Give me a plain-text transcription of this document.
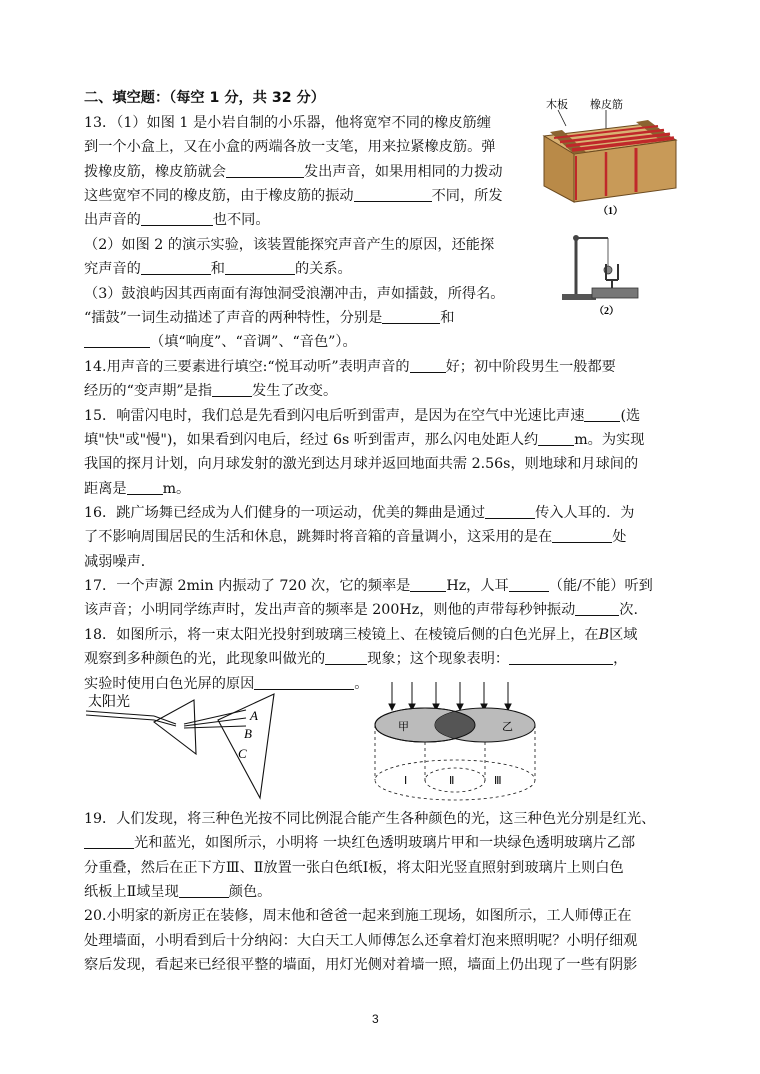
二、填空题：（每空 1 分，共 32 分）
13．（1）如图 1 是小岩自制的小乐器，他将宽窄不同的橡皮筋缠
到一个小盒上，又在小盒的两端各放一支笔，用来拉紧橡皮筋。弹
拨橡皮筋，橡皮筋就会	发出声音，如果用相同的力拨动
这些宽窄不同的橡皮筋，由于橡皮筋的振动	不同，所发
出声音的	也不同。
（2）如图 2 的演示实验，该装置能探究声音产生的原因，还能探
究声音的	和	的关系。
（3）鼓浪屿因其西南面有海蚀洞受浪潮冲击，声如擂鼓，所得名。
“擂鼓”一词生动描述了声音的两种特性，分别是	和
（填“响度”、“音调”、“音色”）。
木板 橡皮筋
（1）
（2）
14.用声音的三要素进行填空:“悦耳动听”表明声音的	好；初中阶段男生一般都要
经历的“变声期”是指	发生了改变。
15．响雷闪电时，我们总是先看到闪电后听到雷声，是因为在空气中光速比声速	(选
填"快"或"慢")，如果看到闪电后，经过 6s 听到雷声，那么闪电处距人约	m。为实现
我国的探月计划，向月球发射的激光到达月球并返回地面共需 2.56s，则地球和月球间的
距离是	m。
16．跳广场舞已经成为人们健身的一项运动，优美的舞曲是通过	传入人耳的．为
了不影响周围居民的生活和休息，跳舞时将音箱的音量调小，这采用的是在	处
减弱噪声．
17．一个声源 2min 内振动了 720 次，它的频率是	Hz，人耳	（能/不能）听到
该声音；小明同学练声时，发出声音的频率是 200Hz，则他的声带每秒钟振动	次.
18．如图所示，将一束太阳光投射到玻璃三棱镜上、在棱镜后侧的白色光屏上，在B区域
观察到多种颜色的光，此现象叫做光的	现象；这个现象表明：	，
实验时使用白色光屏的原因	。
太阳光
A
B
C
甲	乙
Ⅰ	Ⅱ	Ⅲ
19．人们发现，将三种色光按不同比例混合能产生各种颜色的光，这三种色光分别是红光、
光和蓝光，如图所示，小明将 一块红色透明玻璃片甲和一块绿色透明玻璃片乙部
分重叠，然后在正下方Ⅲ、Ⅱ放置一张白色纸Ⅰ板，将太阳光竖直照射到玻璃片上则白色
纸板上Ⅱ域呈现	颜色。
20.小明家的新房正在装修，周末他和爸爸一起来到施工现场，如图所示，工人师傅正在
处理墙面，小明看到后十分纳闷：大白天工人师傅怎么还拿着灯泡来照明呢？小明仔细观
察后发现，看起来已经很平整的墙面，用灯光侧对着墙一照，墙面上仍出现了一些有阴影
3
